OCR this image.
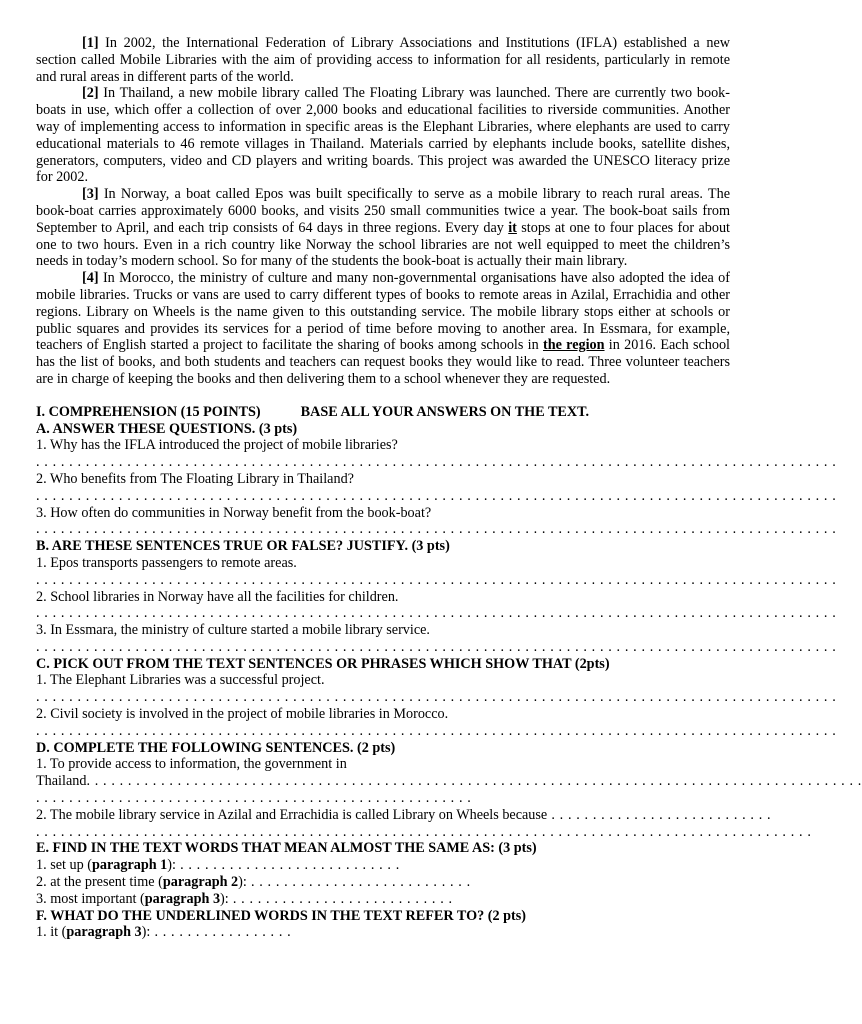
[1] In 2002, the International Federation of Library Associations and Institutions (IFLA) established a new section called Mobile Libraries with the aim of providing access to information for all residents, particularly in remote and rural areas in different parts of the world.

[2] In Thailand, a new mobile library called The Floating Library was launched. There are currently two book-boats in use, which offer a collection of over 2,000 books and educational facilities to riverside communities. Another way of implementing access to information in specific areas is the Elephant Libraries, where elephants are used to carry educational materials to 46 remote villages in Thailand. Materials carried by elephants include books, satellite dishes, generators, computers, video and CD players and writing boards. This project was awarded the UNESCO literacy prize for 2002.

[3] In Norway, a boat called Epos was built specifically to serve as a mobile library to reach rural areas. The book-boat carries approximately 6000 books, and visits 250 small communities twice a year. The book-boat sails from September to April, and each trip consists of 64 days in three regions. Every day it stops at one to four places for about one to two hours. Even in a rich country like Norway the school libraries are not well equipped to meet the children’s needs in today’s modern school. So for many of the students the book-boat is actually their main library.

[4] In Morocco, the ministry of culture and many non-governmental organisations have also adopted the idea of mobile libraries. Trucks or vans are used to carry different types of books to remote areas in Azilal, Errachidia and other regions. Library on Wheels is the name given to this outstanding service. The mobile library stops either at schools or public squares and provides its services for a period of time before moving to another area. In Essmara, for example, teachers of English started a project to facilitate the sharing of books among schools in the region in 2016. Each school has the list of books, and both students and teachers can request books they would like to read. Three volunteer teachers are in charge of keeping the books and then delivering them to a school whenever they are requested.

I. COMPREHENSION (15 POINTS)	BASE ALL YOUR ANSWERS ON THE TEXT.

A. ANSWER THESE QUESTIONS. (3 pts)

1. Why has the IFLA introduced the project of mobile libraries?

. . . . . . . . . . . . . . . . . . . . . . . . . . . . . . . . . . . . . . . . . . . . . . . . . . . . . . . . . . . . . . . . . . . . . . . . . . . . . . . . . . . . . . . . . . . . . . . . .

2. Who benefits from The Floating Library in Thailand?

. . . . . . . . . . . . . . . . . . . . . . . . . . . . . . . . . . . . . . . . . . . . . . . . . . . . . . . . . . . . . . . . . . . . . . . . . . . . . . . . . . . . . . . . . . . . . . . . .

3. How often do communities in Norway benefit from the book-boat?

. . . . . . . . . . . . . . . . . . . . . . . . . . . . . . . . . . . . . . . . . . . . . . . . . . . . . . . . . . . . . . . . . . . . . . . . . . . . . . . . . . . . . . . . . . . . . . . . .

B. ARE THESE SENTENCES TRUE OR FALSE? JUSTIFY. (3 pts)

1. Epos transports passengers to remote areas.

. . . . . . . . . . . . . . . . . . . . . . . . . . . . . . . . . . . . . . . . . . . . . . . . . . . . . . . . . . . . . . . . . . . . . . . . . . . . . . . . . . . . . . . . . . . . . . . . .

2. School libraries in Norway have all the facilities for children.

. . . . . . . . . . . . . . . . . . . . . . . . . . . . . . . . . . . . . . . . . . . . . . . . . . . . . . . . . . . . . . . . . . . . . . . . . . . . . . . . . . . . . . . . . . . . . . . . .

3. In Essmara, the ministry of culture started a mobile library service.

. . . . . . . . . . . . . . . . . . . . . . . . . . . . . . . . . . . . . . . . . . . . . . . . . . . . . . . . . . . . . . . . . . . . . . . . . . . . . . . . . . . . . . . . . . . . . . . . .

C. PICK OUT FROM THE TEXT SENTENCES OR PHRASES WHICH SHOW THAT (2pts)

1. The Elephant Libraries was a successful project.

. . . . . . . . . . . . . . . . . . . . . . . . . . . . . . . . . . . . . . . . . . . . . . . . . . . . . . . . . . . . . . . . . . . . . . . . . . . . . . . . . . . . . . . . . . . . . . . . .

2. Civil society is involved in the project of mobile libraries in Morocco.

. . . . . . . . . . . . . . . . . . . . . . . . . . . . . . . . . . . . . . . . . . . . . . . . . . . . . . . . . . . . . . . . . . . . . . . . . . . . . . . . . . . . . . . . . . . . . . . . .

D. COMPLETE THE FOLLOWING SENTENCES. (2 pts)

1. To provide access to information, the government in

Thailand. . . . . . . . . . . . . . . . . . . . . . . . . . . . . . . . . . . . . . . . . . . . . . . . . . . . . . . . . . . . . . . . . . . . . . . . . . . . . . . . . . . . . . . . . . . . . .

. . . . . . . . . . . . . . . . . . . . . . . . . . . . . . . . . . . . . . . . . . . . . . . . . . . . .

2. The mobile library service in Azilal and Errachidia is called Library on Wheels because . . . . . . . . . . . . . . . . . . . . . . . . . . .

. . . . . . . . . . . . . . . . . . . . . . . . . . . . . . . . . . . . . . . . . . . . . . . . . . . . . . . . . . . . . . . . . . . . . . . . . . . . . . . . . . . . . . . . . . . . . .

E. FIND IN THE TEXT WORDS THAT MEAN ALMOST THE SAME AS: (3 pts)

1. set up (paragraph 1): . . . . . . . . . . . . . . . . . . . . . . . . . . .

2. at the present time (paragraph 2): . . . . . . . . . . . . . . . . . . . . . . . . . . .

3. most important (paragraph 3): . . . . . . . . . . . . . . . . . . . . . . . . . . .

F. WHAT DO THE UNDERLINED WORDS IN THE TEXT REFER TO? (2 pts)

1. it (paragraph 3): . . . . . . . . . . . . . . . . .
